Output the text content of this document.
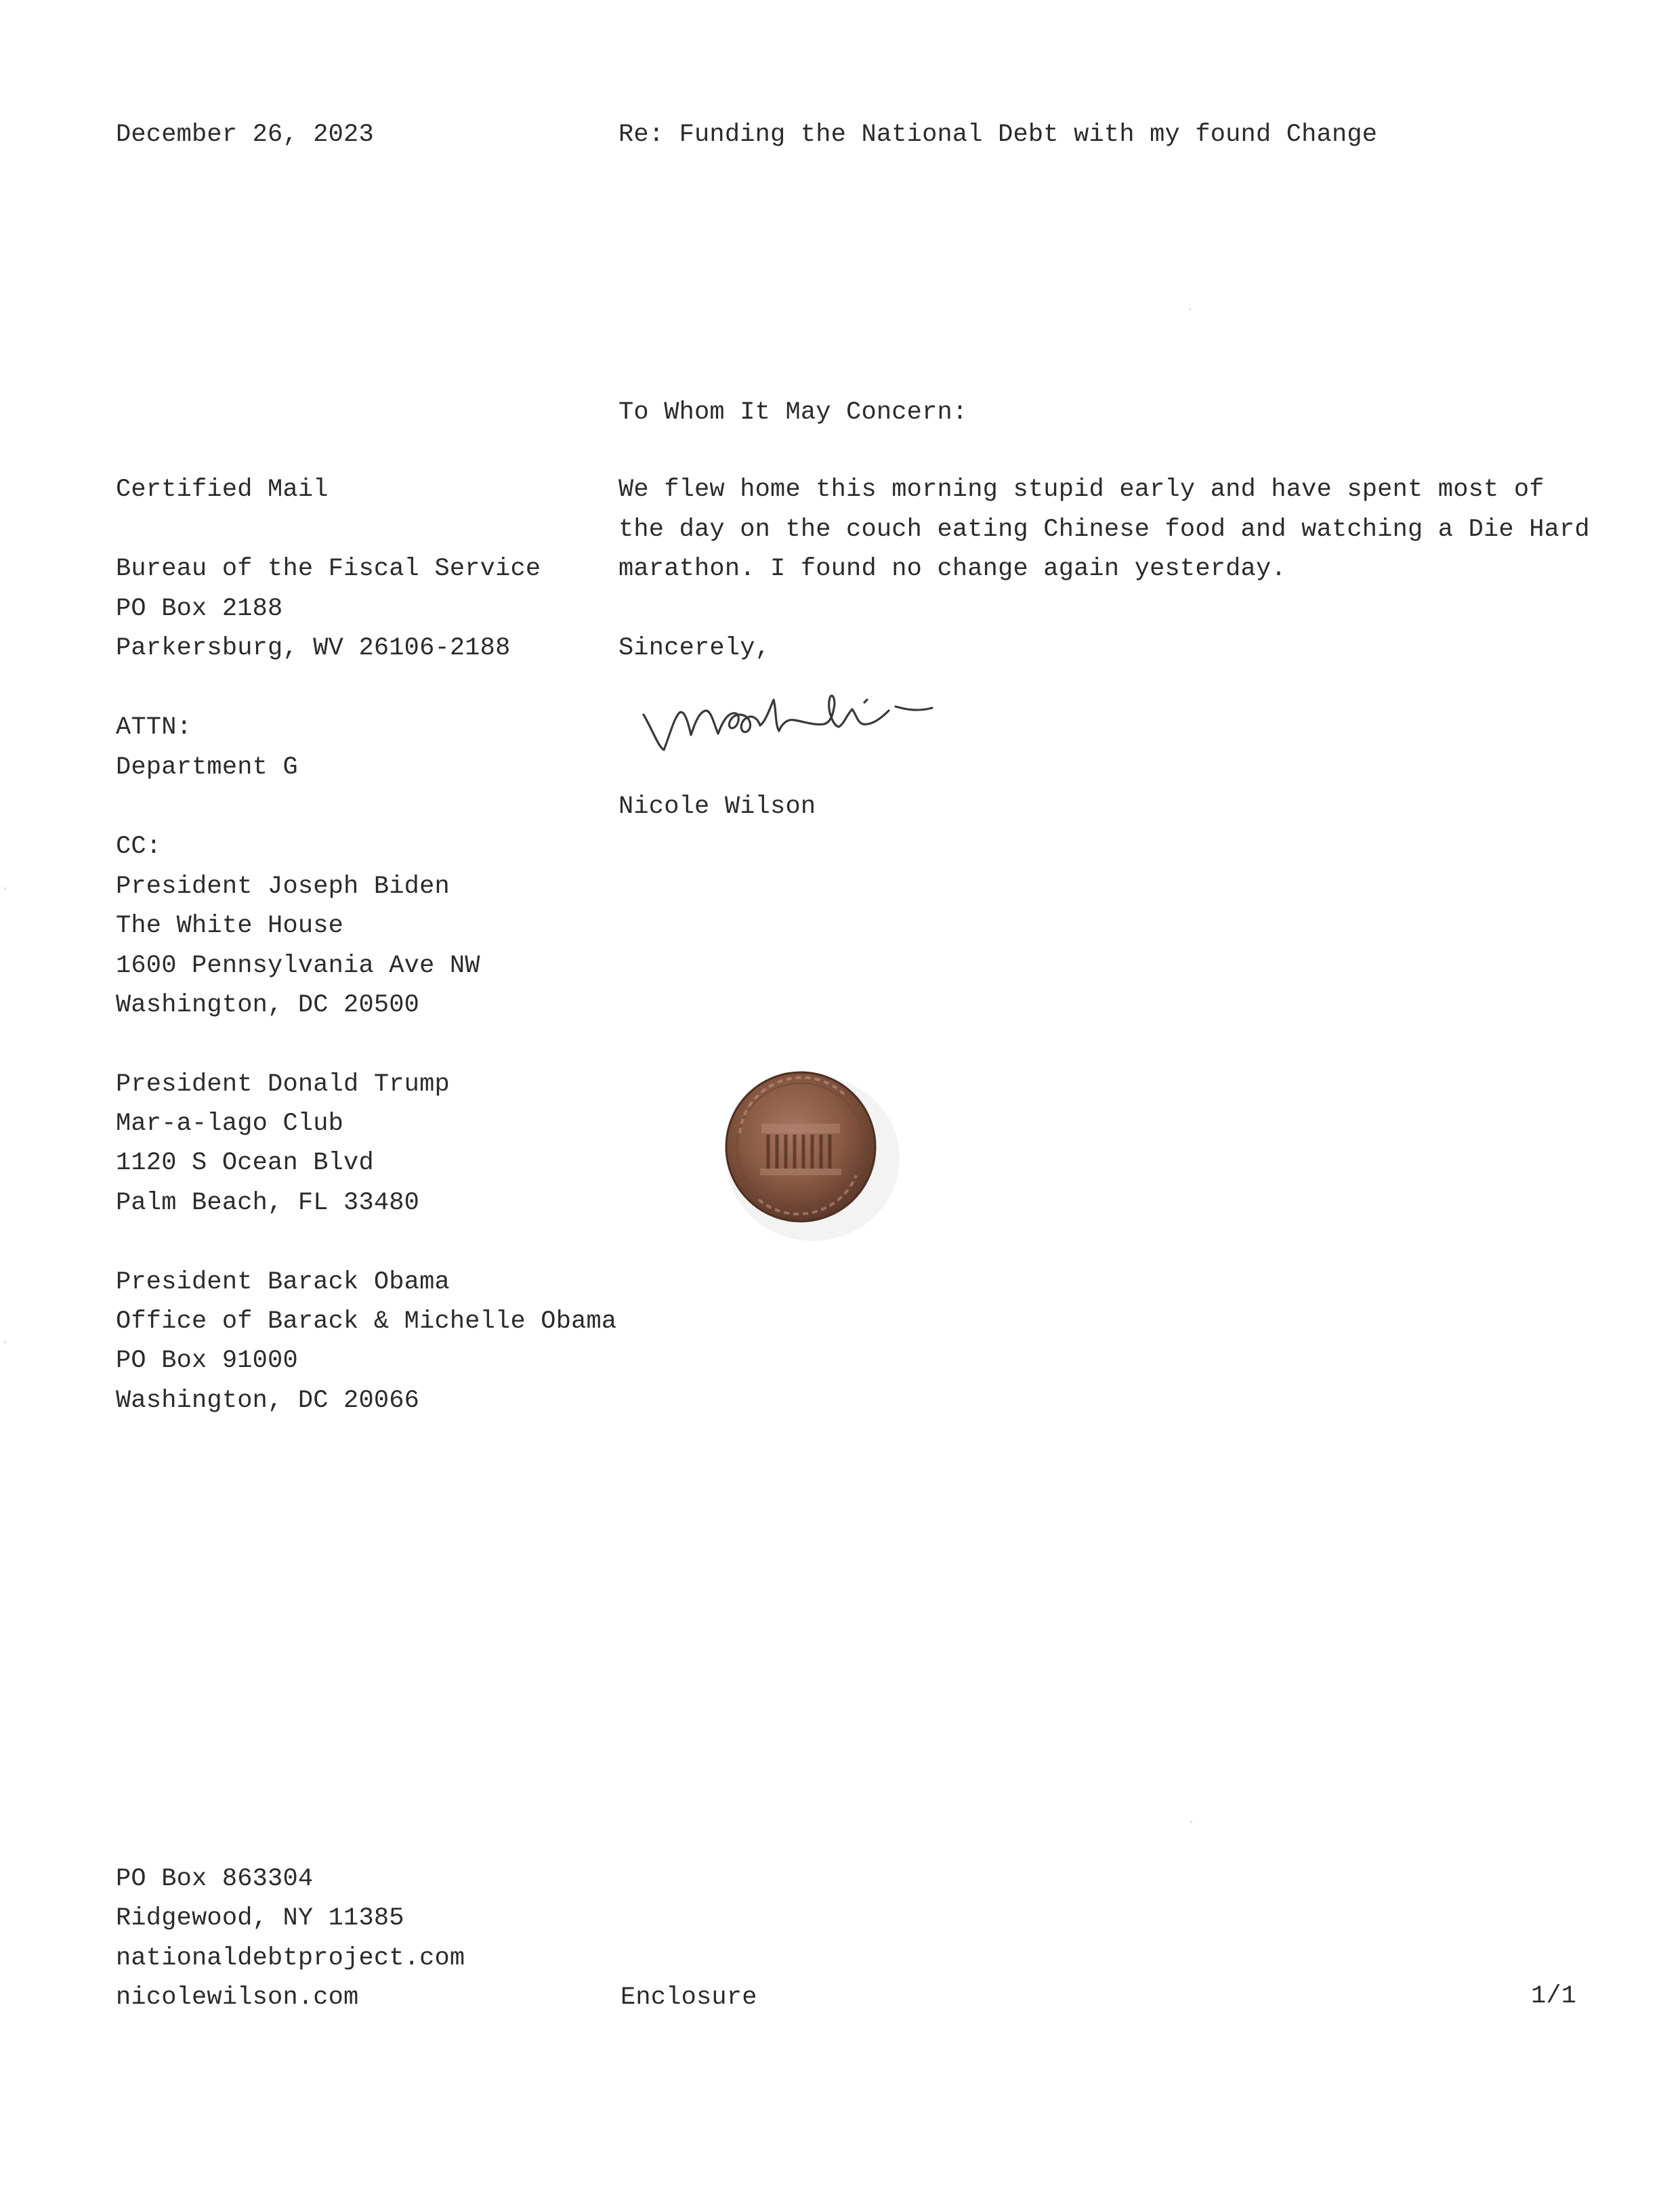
December 26, 2023	Re: Funding the National Debt with my found Change
To Whom It May Concern:
Certified Mail
Bureau of the Fiscal Service
PO Box 2188
Parkersburg, WV 26106-2188
ATTN:
Department G
CC:
President Joseph Biden
The White House
1600 Pennsylvania Ave NW
Washington, DC 20500
President Donald Trump
Mar-a-lago Club
1120 S Ocean Blvd
Palm Beach, FL 33480
President Barack Obama
Office of Barack & Michelle Obama
PO Box 91000
Washington, DC 20066
We flew home this morning stupid early and have spent most of
the day on the couch eating Chinese food and watching a Die Hard
marathon. I found no change again yesterday.
Sincerely,
Nicole Wilson
PO Box 863304
Ridgewood, NY 11385
nationaldebtproject.com
nicolewilson.com	Enclosure	1/1
